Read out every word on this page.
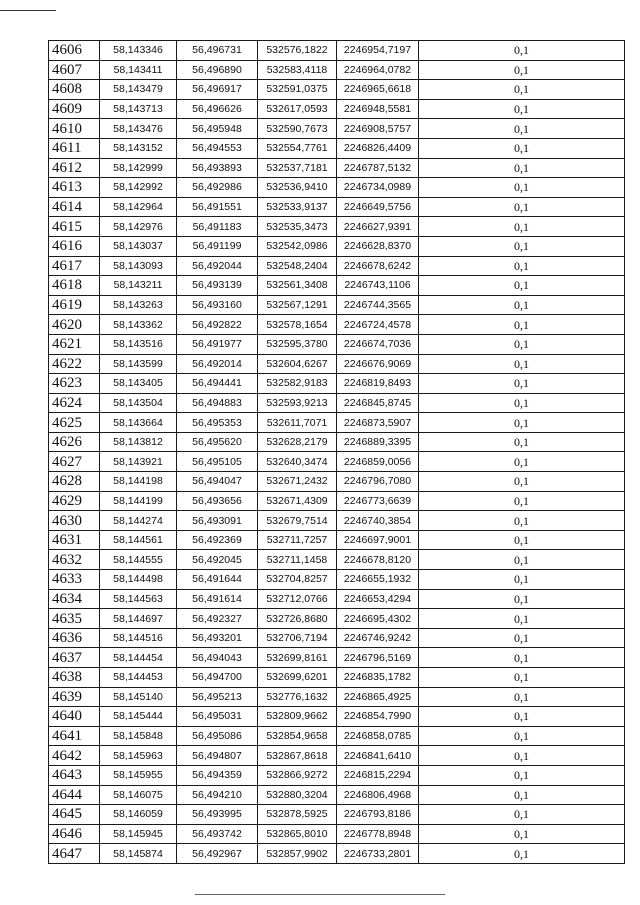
4606	58,143346	56,496731	532576,1822	2246954,7197	0,1
4607	58,143411	56,496890	532583,4118	2246964,0782	0,1
4608	58,143479	56,496917	532591,0375	2246965,6618	0,1
4609	58,143713	56,496626	532617,0593	2246948,5581	0,1
4610	58,143476	56,495948	532590,7673	2246908,5757	0,1
4611	58,143152	56,494553	532554,7761	2246826,4409	0,1
4612	58,142999	56,493893	532537,7181	2246787,5132	0,1
4613	58,142992	56,492986	532536,9410	2246734,0989	0,1
4614	58,142964	56,491551	532533,9137	2246649,5756	0,1
4615	58,142976	56,491183	532535,3473	2246627,9391	0,1
4616	58,143037	56,491199	532542,0986	2246628,8370	0,1
4617	58,143093	56,492044	532548,2404	2246678,6242	0,1
4618	58,143211	56,493139	532561,3408	2246743,1106	0,1
4619	58,143263	56,493160	532567,1291	2246744,3565	0,1
4620	58,143362	56,492822	532578,1654	2246724,4578	0,1
4621	58,143516	56,491977	532595,3780	2246674,7036	0,1
4622	58,143599	56,492014	532604,6267	2246676,9069	0,1
4623	58,143405	56,494441	532582,9183	2246819,8493	0,1
4624	58,143504	56,494883	532593,9213	2246845,8745	0,1
4625	58,143664	56,495353	532611,7071	2246873,5907	0,1
4626	58,143812	56,495620	532628,2179	2246889,3395	0,1
4627	58,143921	56,495105	532640,3474	2246859,0056	0,1
4628	58,144198	56,494047	532671,2432	2246796,7080	0,1
4629	58,144199	56,493656	532671,4309	2246773,6639	0,1
4630	58,144274	56,493091	532679,7514	2246740,3854	0,1
4631	58,144561	56,492369	532711,7257	2246697,9001	0,1
4632	58,144555	56,492045	532711,1458	2246678,8120	0,1
4633	58,144498	56,491644	532704,8257	2246655,1932	0,1
4634	58,144563	56,491614	532712,0766	2246653,4294	0,1
4635	58,144697	56,492327	532726,8680	2246695,4302	0,1
4636	58,144516	56,493201	532706,7194	2246746,9242	0,1
4637	58,144454	56,494043	532699,8161	2246796,5169	0,1
4638	58,144453	56,494700	532699,6201	2246835,1782	0,1
4639	58,145140	56,495213	532776,1632	2246865,4925	0,1
4640	58,145444	56,495031	532809,9662	2246854,7990	0,1
4641	58,145848	56,495086	532854,9658	2246858,0785	0,1
4642	58,145963	56,494807	532867,8618	2246841,6410	0,1
4643	58,145955	56,494359	532866,9272	2246815,2294	0,1
4644	58,146075	56,494210	532880,3204	2246806,4968	0,1
4645	58,146059	56,493995	532878,5925	2246793,8186	0,1
4646	58,145945	56,493742	532865,8010	2246778,8948	0,1
4647	58,145874	56,492967	532857,9902	2246733,2801	0,1
